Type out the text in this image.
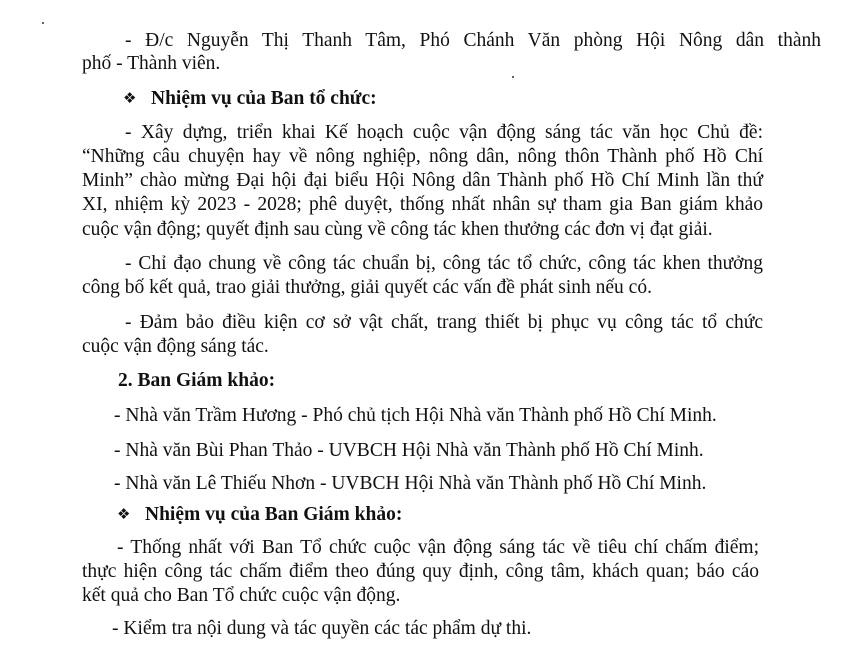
- Đ/c Nguyễn Thị Thanh Tâm, Phó Chánh Văn phòng Hội Nông dân thành
phố - Thành viên.
❖ Nhiệm vụ của Ban tổ chức:
- Xây dựng, triển khai Kế hoạch cuộc vận động sáng tác văn học Chủ đề:
“Những câu chuyện hay về nông nghiệp, nông dân, nông thôn Thành phố Hồ Chí
Minh” chào mừng Đại hội đại biểu Hội Nông dân Thành phố Hồ Chí Minh lần thứ
XI, nhiệm kỳ 2023 - 2028; phê duyệt, thống nhất nhân sự tham gia Ban giám khảo
cuộc vận động; quyết định sau cùng về công tác khen thưởng các đơn vị đạt giải.
- Chỉ đạo chung về công tác chuẩn bị, công tác tổ chức, công tác khen thưởng
công bố kết quả, trao giải thưởng, giải quyết các vấn đề phát sinh nếu có.
- Đảm bảo điều kiện cơ sở vật chất, trang thiết bị phục vụ công tác tổ chức
cuộc vận động sáng tác.
2. Ban Giám khảo:
- Nhà văn Trầm Hương - Phó chủ tịch Hội Nhà văn Thành phố Hồ Chí Minh.
- Nhà văn Bùi Phan Thảo - UVBCH Hội Nhà văn Thành phố Hồ Chí Minh.
- Nhà văn Lê Thiếu Nhơn - UVBCH Hội Nhà văn Thành phố Hồ Chí Minh.
❖ Nhiệm vụ của Ban Giám khảo:
- Thống nhất với Ban Tổ chức cuộc vận động sáng tác về tiêu chí chấm điểm;
thực hiện công tác chấm điểm theo đúng quy định, công tâm, khách quan; báo cáo
kết quả cho Ban Tổ chức cuộc vận động.
- Kiểm tra nội dung và tác quyền các tác phẩm dự thi.
